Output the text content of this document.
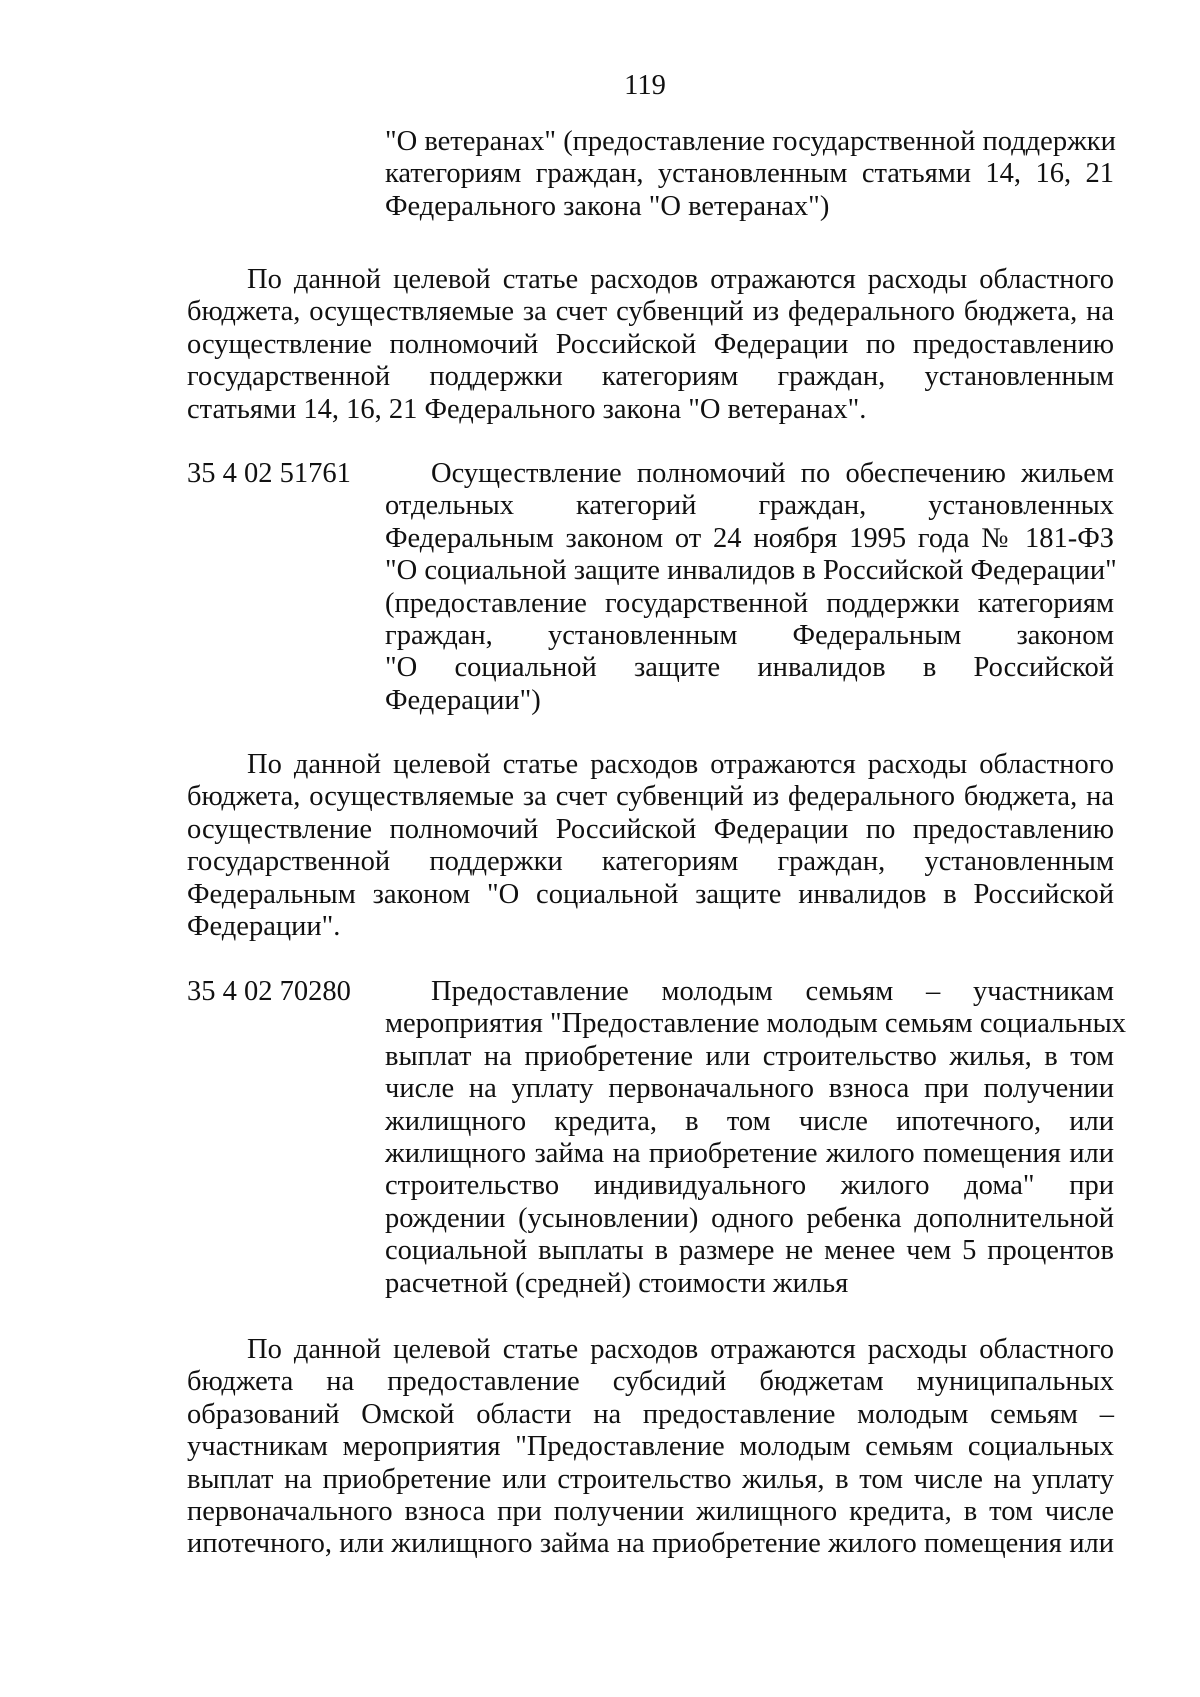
119
"О ветеранах" (предоставление государственной поддержки
категориям граждан, установленным статьями 14, 16, 21
Федерального закона "О ветеранах")
По данной целевой статье расходов отражаются расходы областного
бюджета, осуществляемые за счет субвенций из федерального бюджета, на
осуществление полномочий Российской Федерации по предоставлению
государственной поддержки категориям граждан, установленным
статьями 14, 16, 21 Федерального закона "О ветеранах".
35 4 02 51761	Осуществление полномочий по обеспечению жильем
отдельных категорий граждан, установленных
Федеральным законом от 24 ноября 1995 года № 181-ФЗ
"О социальной защите инвалидов в Российской Федерации"
(предоставление государственной поддержки категориям
граждан, установленным Федеральным законом
"О социальной защите инвалидов в Российской
Федерации")
По данной целевой статье расходов отражаются расходы областного
бюджета, осуществляемые за счет субвенций из федерального бюджета, на
осуществление полномочий Российской Федерации по предоставлению
государственной поддержки категориям граждан, установленным
Федеральным законом "О социальной защите инвалидов в Российской
Федерации".
35 4 02 70280	Предоставление молодым семьям – участникам
мероприятия "Предоставление молодым семьям социальных
выплат на приобретение или строительство жилья, в том
числе на уплату первоначального взноса при получении
жилищного кредита, в том числе ипотечного, или
жилищного займа на приобретение жилого помещения или
строительство индивидуального жилого дома" при
рождении (усыновлении) одного ребенка дополнительной
социальной выплаты в размере не менее чем 5 процентов
расчетной (средней) стоимости жилья
По данной целевой статье расходов отражаются расходы областного
бюджета на предоставление субсидий бюджетам муниципальных
образований Омской области на предоставление молодым семьям –
участникам мероприятия "Предоставление молодым семьям социальных
выплат на приобретение или строительство жилья, в том числе на уплату
первоначального взноса при получении жилищного кредита, в том числе
ипотечного, или жилищного займа на приобретение жилого помещения или
